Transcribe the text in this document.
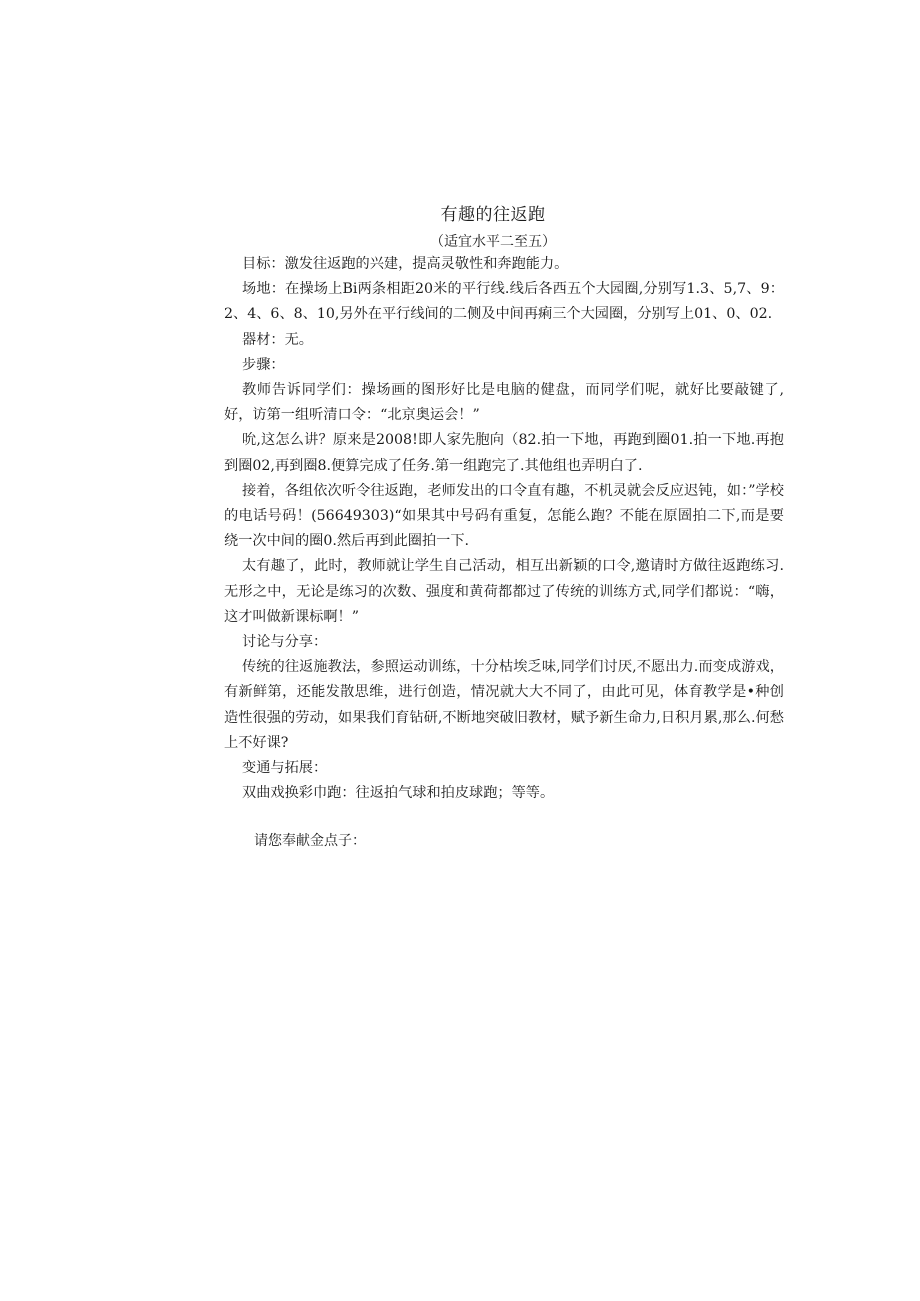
有趣的往返跑
（适宜水平二至五）

目标：激发往返跑的兴建，提高灵敬性和奔跑能力。

场地：在操场上Bi两条相距20米的平行线.线后各西五个大园圈,分别写1.3、5,7、9：2、4、6、8、10,另外在平行线间的二侧及中间再痢三个大园圈，分别写上01、0、02.

器材：无。

步骤：

教师告诉同学们：操场画的图形好比是电脑的健盘，而同学们呢，就好比要敲键了,好，访第一组听清口令：“北京奥运会！”

吮,这怎么讲？原来是2008!即人家先胞向（82.拍一下地，再跑到圈01.拍一下地.再抱到圈02,再到圈8.便算完成了任务.第一组跑完了.其他组也弄明白了.

接着，各组依次听令往返跑，老师发出的口令直有趣，不机灵就会反应迟钝，如：”学校的电话号码！(56649303)“如果其中号码有重复，怎能么跑？不能在原圄拍二下,而是要绕一次中间的圈0.然后再到此圈拍一下.

太有趣了，此时，教师就让学生自己活动，相互出新颖的口令,邀请时方做往返跑练习.无形之中，无论是练习的次数、强度和黄荷都都过了传统的训练方式,同学们都说：“嗨，这才叫做新课标啊！”

讨论与分享：

传统的往返施教法，参照运动训练，十分枯埃乏味,同学们讨厌,不愿出力.而变成游戏，有新鲜第，还能发散思维，进行创造，情况就大大不同了，由此可见，体育教学是•种创造性很强的劳动，如果我们育钻研,不断地突破旧教材，赋予新生命力,日积月累,那么.何愁上不好课?

变通与拓展：

双曲戏换彩巾跑：往返拍气球和拍皮球跑；等等。

请您奉献金点子：
